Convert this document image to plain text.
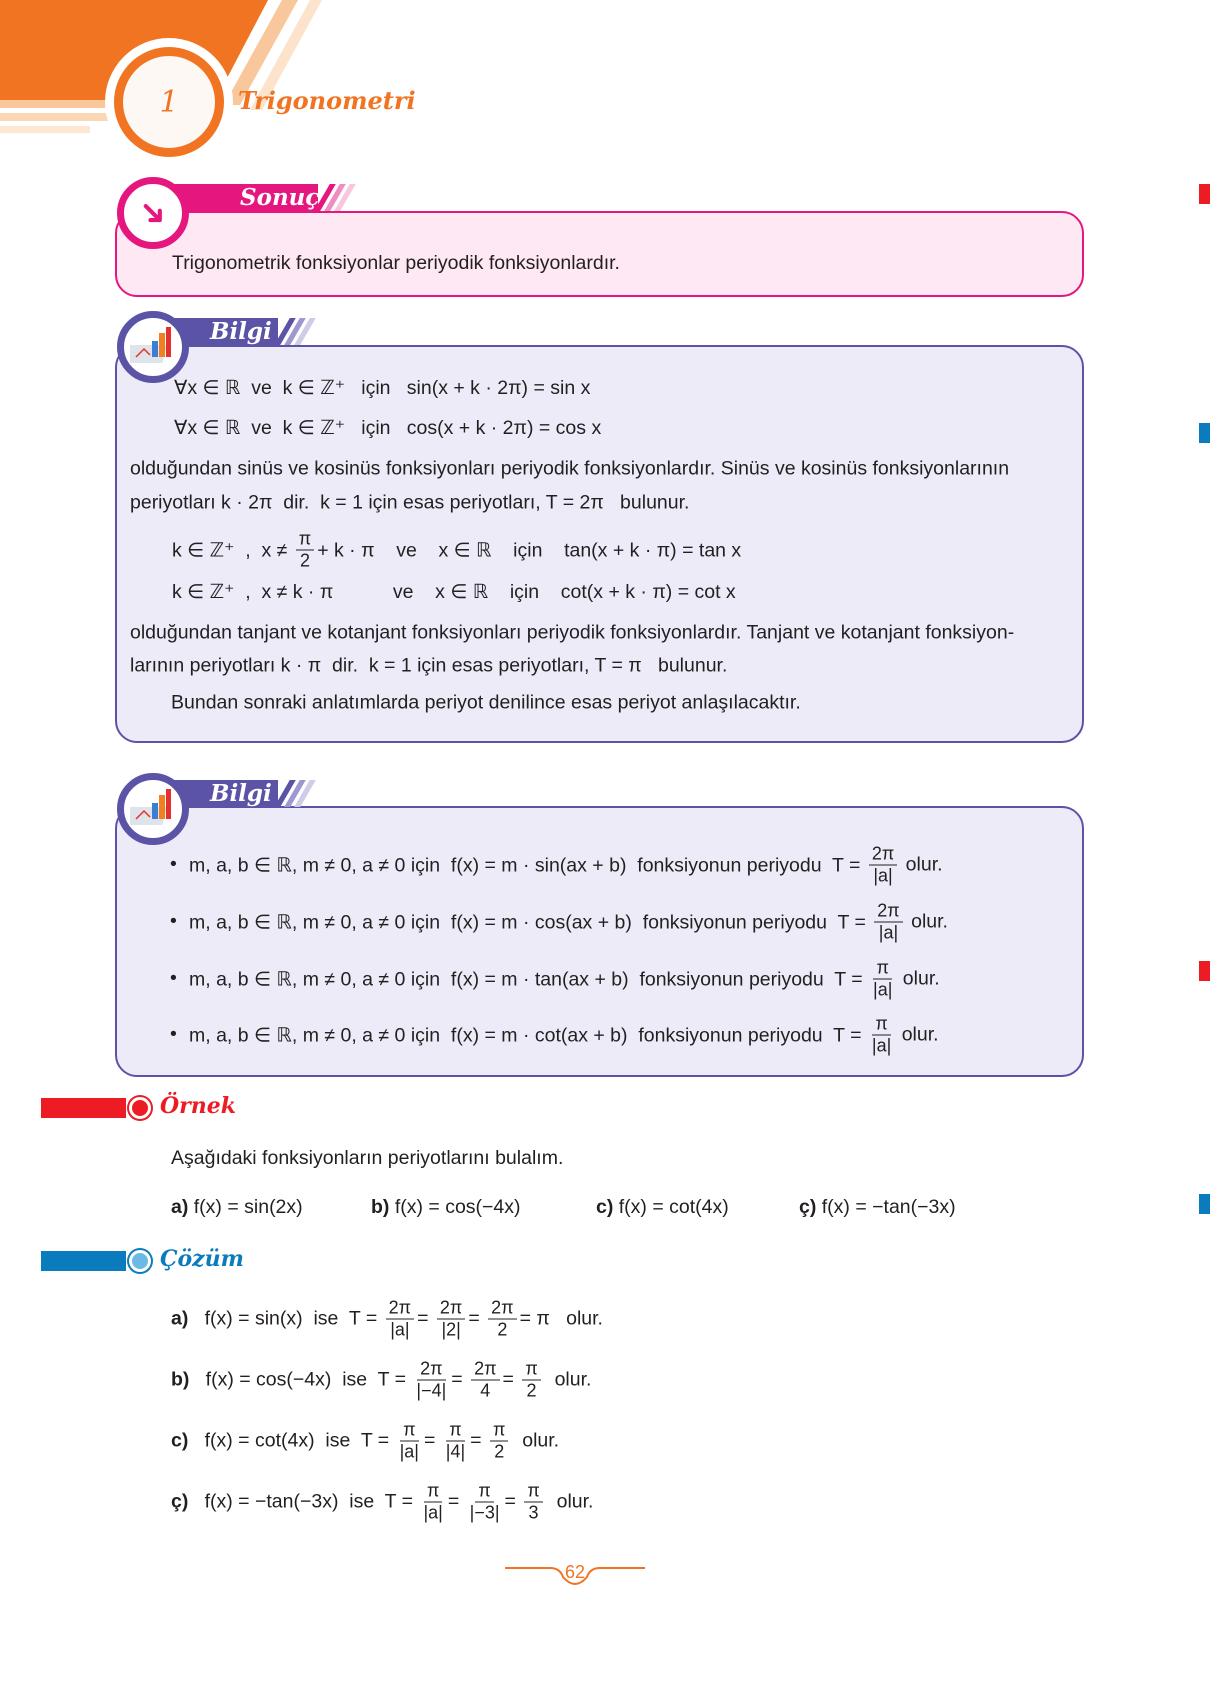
1 Trigonometri
Trigonometrik fonksiyonlar periyodik fonksiyonlardır.
Sonuç
➜
Bilgi
Bilgi
Örnek
Aşağıdaki fonksiyonların periyotlarını bulalım.
Çözüm
62
∀x ∈ ℝ  ve  k ∈ ℤ⁺   için   sin(x + k · 2π) = sin x
∀x ∈ ℝ  ve  k ∈ ℤ⁺   için   cos(x + k · 2π) = cos x
olduğundan sinüs ve kosinüs fonksiyonları periyodik fonksiyonlardır. Sinüs ve kosinüs fonksiyonlarının
periyotları k · 2π  dir.  k = 1 için esas periyotları, T = 2π   bulunur.
k ∈ ℤ⁺  ,  $x \ne \frac{\pi}{2} + k \cdot \pi$    ve    x ∈ ℝ    için    tan(x + k · π) = tan x
k ∈ ℤ⁺  ,  x ≠ k · π           ve    x ∈ ℝ    için    cot(x + k · π) = cot x
olduğundan tanjant ve kotanjant fonksiyonları periyodik fonksiyonlardır. Tanjant ve kotanjant fonksiyon-
larının periyotları k · π  dir.  k = 1 için esas periyotları, T = π   bulunur.
Bundan sonraki anlatımlarda periyot denilince esas periyot anlaşılacaktır.
• m, a, b ∈ ℝ, m ≠ 0, a ≠ 0 için  f(x) = m · sin(ax + b)  fonksiyonun periyodu  $T = \frac{2\pi}{|a|}$ olur.
• m, a, b ∈ ℝ, m ≠ 0, a ≠ 0 için  f(x) = m · cos(ax + b)  fonksiyonun periyodu  $T = \frac{2\pi}{|a|}$ olur.
• m, a, b ∈ ℝ, m ≠ 0, a ≠ 0 için  f(x) = m · tan(ax + b)  fonksiyonun periyodu  $T = \frac{\pi}{|a|}$ olur.
• m, a, b ∈ ℝ, m ≠ 0, a ≠ 0 için  f(x) = m · cot(ax + b)  fonksiyonun periyodu  $T = \frac{\pi}{|a|}$ olur.
a) f(x) = sin(2x)	b) f(x) = cos(−4x)	c) f(x) = cot(4x)	ç) f(x) = −tan(−3x)
a) f(x) = sin(x)  ise  $T = \frac{2\pi}{|a|} = \frac{2\pi}{|2|} = \frac{2\pi}{2} = \pi$   olur.
b) f(x) = cos(−4x)  ise  $T = \frac{2\pi}{|-4|} = \frac{2\pi}{4} = \frac{\pi}{2}$ olur.
c) f(x) = cot(4x)  ise  $T = \frac{\pi}{|a|} = \frac{\pi}{|4|} = \frac{\pi}{2}$ olur.
ç) f(x) = −tan(−3x)  ise  $T = \frac{\pi}{|a|} = \frac{\pi}{|-3|} = \frac{\pi}{3}$ olur.
